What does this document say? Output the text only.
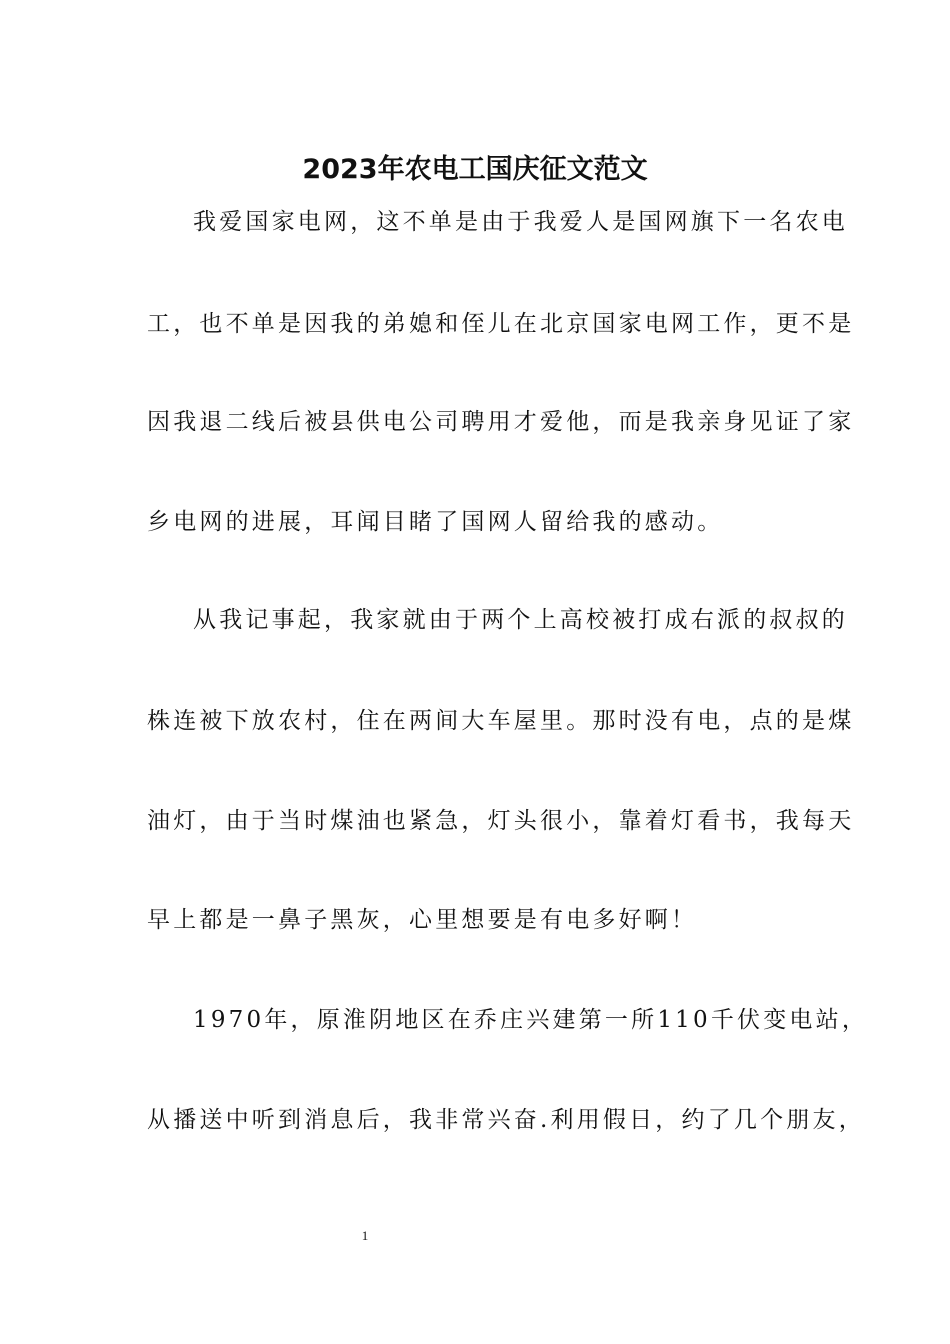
2023年农电工国庆征文范文
我爱国家电网，这不单是由于我爱人是国网旗下一名农电
工，也不单是因我的弟媳和侄儿在北京国家电网工作，更不是
因我退二线后被县供电公司聘用才爱他，而是我亲身见证了家
乡电网的进展，耳闻目睹了国网人留给我的感动。
从我记事起，我家就由于两个上高校被打成右派的叔叔的
株连被下放农村，住在两间大车屋里。那时没有电，点的是煤
油灯，由于当时煤油也紧急，灯头很小，靠着灯看书，我每天
早上都是一鼻子黑灰，心里想要是有电多好啊！
1970年，原淮阴地区在乔庄兴建第一所110千伏变电站，
从播送中听到消息后，我非常兴奋.利用假日，约了几个朋友，
1
